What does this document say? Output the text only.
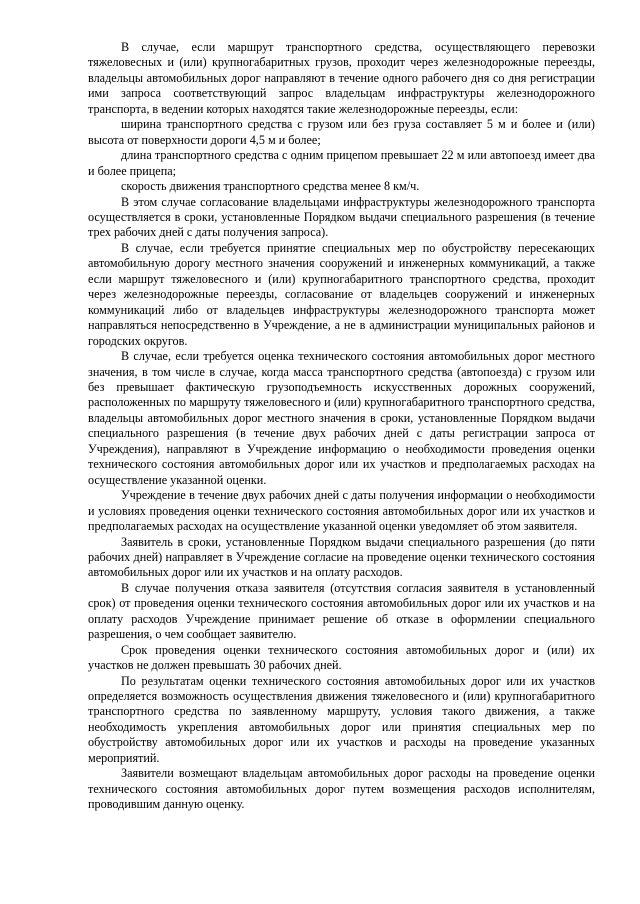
В случае, если маршрут транспортного средства, осуществляющего перевозки тяжеловесных и (или) крупногабаритных грузов, проходит через железнодорожные переезды, владельцы автомобильных дорог направляют в течение одного рабочего дня со дня регистрации ими запроса соответствующий запрос владельцам инфраструктуры железнодорожного транспорта, в ведении которых находятся такие железнодорожные переезды, если:

ширина транспортного средства с грузом или без груза составляет 5 м и более и (или) высота от поверхности дороги 4,5 м и более;

длина транспортного средства с одним прицепом превышает 22 м или автопоезд имеет два и более прицепа;

скорость движения транспортного средства менее 8 км/ч.

В этом случае согласование владельцами инфраструктуры железнодорожного транспорта осуществляется в сроки, установленные Порядком выдачи специального разрешения (в течение трех рабочих дней с даты получения запроса).

В случае, если требуется принятие специальных мер по обустройству пересекающих автомобильную дорогу местного значения сооружений и инженерных коммуникаций, а также если маршрут тяжеловесного и (или) крупногабаритного транспортного средства, проходит через железнодорожные переезды, согласование от владельцев сооружений и инженерных коммуникаций либо от владельцев инфраструктуры железнодорожного транспорта может направляться непосредственно в Учреждение, а не в администрации муниципальных районов и городских округов.

В случае, если требуется оценка технического состояния автомобильных дорог местного значения, в том числе в случае, когда масса транспортного средства (автопоезда) с грузом или без превышает фактическую грузоподъемность искусственных дорожных сооружений, расположенных по маршруту тяжеловесного и (или) крупногабаритного транспортного средства, владельцы автомобильных дорог местного значения в сроки, установленные Порядком выдачи специального разрешения (в течение двух рабочих дней с даты регистрации запроса от Учреждения), направляют в Учреждение информацию о необходимости проведения оценки технического состояния автомобильных дорог или их участков и предполагаемых расходах на осуществление указанной оценки.

Учреждение в течение двух рабочих дней с даты получения информации о необходимости и условиях проведения оценки технического состояния автомобильных дорог или их участков и предполагаемых расходах на осуществление указанной оценки уведомляет об этом заявителя.

Заявитель в сроки, установленные Порядком выдачи специального разрешения (до пяти рабочих дней) направляет в Учреждение согласие на проведение оценки технического состояния автомобильных дорог или их участков и на оплату расходов.

В случае получения отказа заявителя (отсутствия согласия заявителя в установленный срок) от проведения оценки технического состояния автомобильных дорог или их участков и на оплату расходов Учреждение принимает решение об отказе в оформлении специального разрешения, о чем сообщает заявителю.

Срок проведения оценки технического состояния автомобильных дорог и (или) их участков не должен превышать 30 рабочих дней.

По результатам оценки технического состояния автомобильных дорог или их участков определяется возможность осуществления движения тяжеловесного и (или) крупногабаритного транспортного средства по заявленному маршруту, условия такого движения, а также необходимость укрепления автомобильных дорог или принятия специальных мер по обустройству автомобильных дорог или их участков и расходы на проведение указанных мероприятий.

Заявители возмещают владельцам автомобильных дорог расходы на проведение оценки технического состояния автомобильных дорог путем возмещения расходов исполнителям, проводившим данную оценку.
